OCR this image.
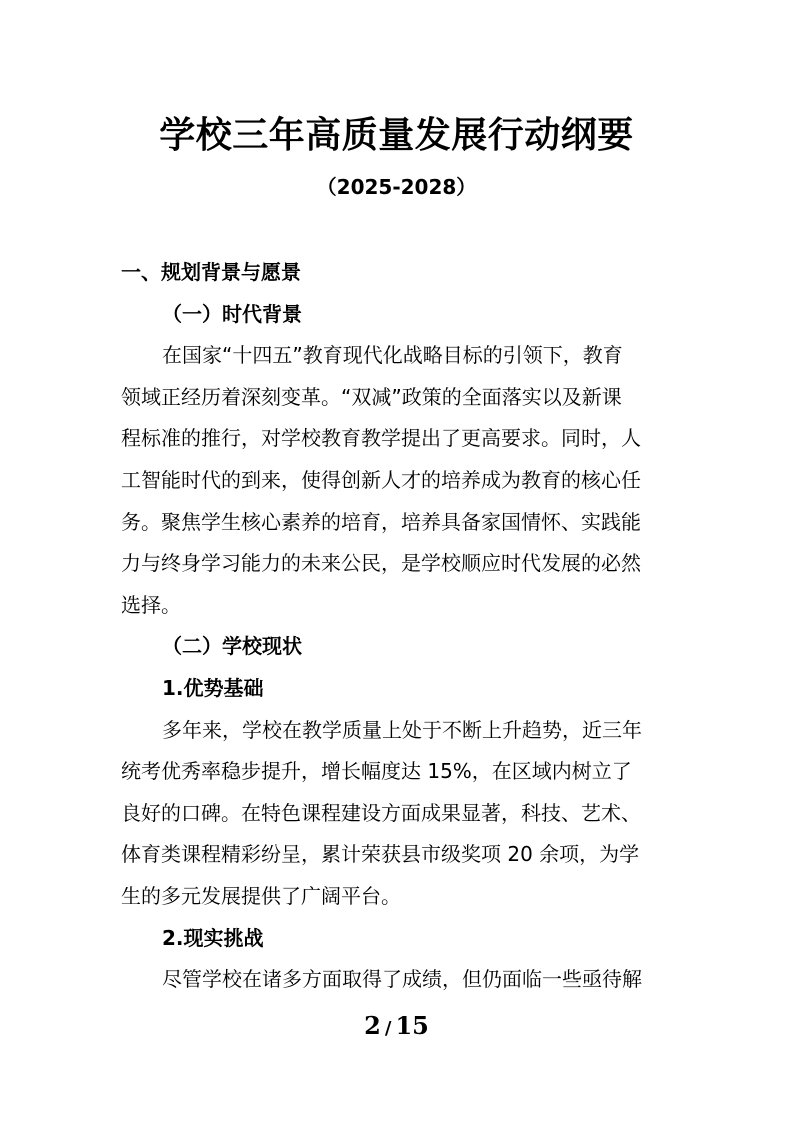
学校三年高质量发展行动纲要
（2025-2028）
一、规划背景与愿景
（一）时代背景
在国家“十四五”教育现代化战略目标的引领下，教育
领域正经历着深刻变革。“双减”政策的全面落实以及新课
程标准的推行，对学校教育教学提出了更高要求。同时，人
工智能时代的到来，使得创新人才的培养成为教育的核心任
务。聚焦学生核心素养的培育，培养具备家国情怀、实践能
力与终身学习能力的未来公民，是学校顺应时代发展的必然
选择。
（二）学校现状
1.优势基础
多年来，学校在教学质量上处于不断上升趋势，近三年
统考优秀率稳步提升，增长幅度达 15%，在区域内树立了
良好的口碑。在特色课程建设方面成果显著，科技、艺术、
体育类课程精彩纷呈，累计荣获县市级奖项 20 余项，为学
生的多元发展提供了广阔平台。
2.现实挑战
尽管学校在诸多方面取得了成绩，但仍面临一些亟待解
2 / 15
